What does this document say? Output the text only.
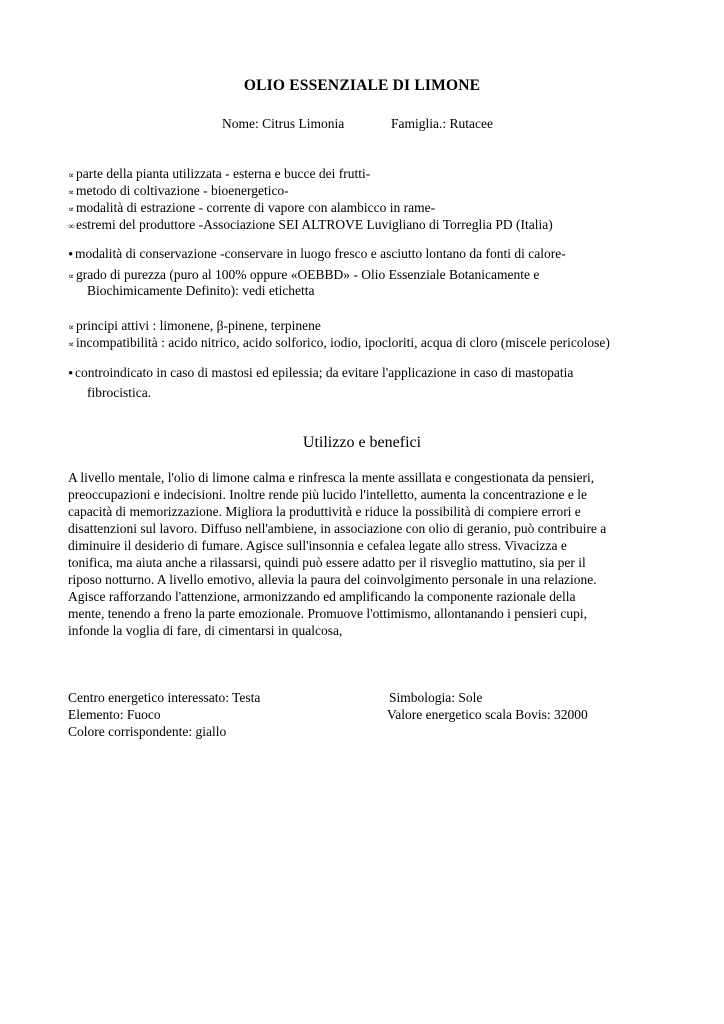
OLIO ESSENZIALE DI LIMONE
Nome: Citrus Limonia	Famiglia.: Rutacee
∝ parte della pianta utilizzata - esterna e bucce dei frutti-
∝ metodo di coltivazione - bioenergetico-
∝ modalità di estrazione - corrente di vapore con alambicco in rame-
∞ estremi del produttore -Associazione SEI ALTROVE Luvigliano di Torreglia PD (Italia)
• modalità di conservazione -conservare in luogo fresco e asciutto lontano da fonti di calore-
∝ grado di purezza (puro al 100% oppure «OEBBD» - Olio Essenziale Botanicamente e
Biochimicamente Definito): vedi etichetta
∝ principi attivi : limonene, β-pinene, terpinene
∝ incompatibilità : acido nitrico, acido solforico, iodio, ipocloriti, acqua di cloro (miscele pericolose)
• controindicato in caso di mastosi ed epilessia; da evitare l'applicazione in caso di mastopatia
fibrocistica.
Utilizzo e benefici

A livello mentale, l'olio di limone calma e rinfresca la mente assillata e congestionata da pensieri,

preoccupazioni e indecisioni. Inoltre rende più lucido l'intelletto, aumenta la concentrazione e le

capacità di memorizzazione. Migliora la produttività e riduce la possibilità di compiere errori e

disattenzioni sul lavoro. Diffuso nell'ambiene, in associazione con olio di geranio, può contribuire a

diminuire il desiderio di fumare. Agisce sull'insonnia e cefalea legate allo stress. Vivacizza e

tonifica, ma aiuta anche a rilassarsi, quindi può essere adatto per il risveglio mattutino, sia per il

riposo notturno. A livello emotivo, allevia la paura del coinvolgimento personale in una relazione.

Agisce rafforzando l'attenzione, armonizzando ed amplificando la componente razionale della

mente, tenendo a freno la parte emozionale. Promuove l'ottimismo, allontanando i pensieri cupi,

infonde la voglia di fare, di cimentarsi in qualcosa,

Centro energetico interessato: Testa
Elemento: Fuoco
Colore corrispondente: giallo
Simbologia: Sole
Valore energetico scala Bovis: 32000
